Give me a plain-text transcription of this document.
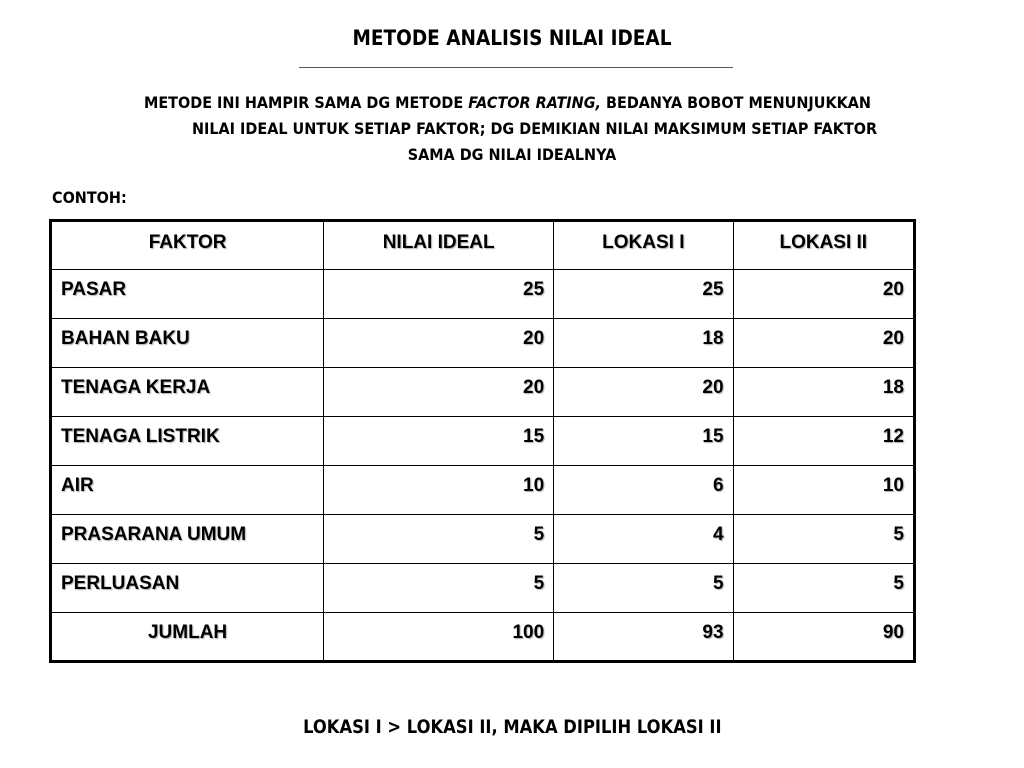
METODE ANALISIS NILAI IDEAL
METODE INI HAMPIR SAMA DG METODE FACTOR RATING, BEDANYA BOBOT MENUNJUKKAN
NILAI IDEAL UNTUK SETIAP FAKTOR; DG DEMIKIAN NILAI MAKSIMUM SETIAP FAKTOR
SAMA DG NILAI IDEALNYA
CONTOH:
FAKTOR	NILAI IDEAL	LOKASI I	LOKASI II
PASAR	25	25	20
BAHAN BAKU	20	18	20
TENAGA KERJA	20	20	18
TENAGA LISTRIK	15	15	12
AIR	10	6	10
PRASARANA UMUM	5	4	5
PERLUASAN	5	5	5
JUMLAH	100	93	90
LOKASI I > LOKASI II, MAKA DIPILIH LOKASI II
